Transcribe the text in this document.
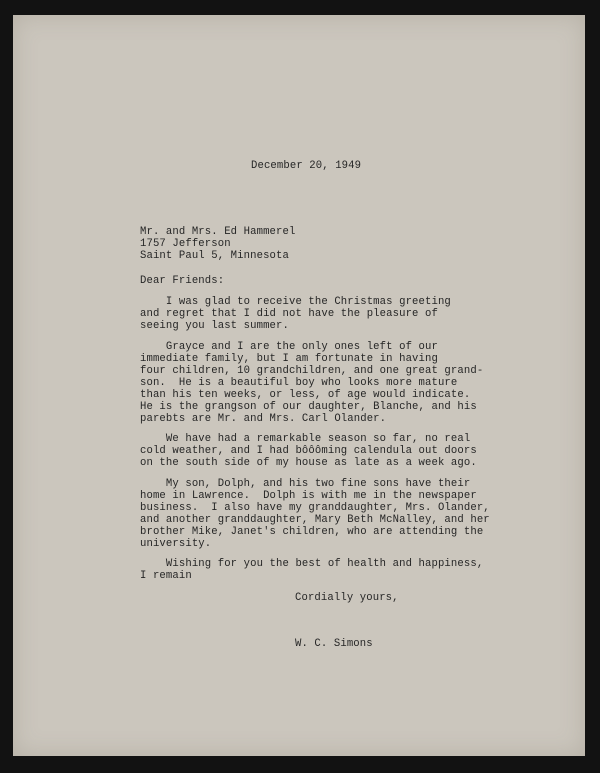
December 20, 1949
Mr. and Mrs. Ed Hammerel
1757 Jefferson
Saint Paul 5, Minnesota
Dear Friends:
I was glad to receive the Christmas greeting
and regret that I did not have the pleasure of
seeing you last summer.
Grayce and I are the only ones left of our
immediate family, but I am fortunate in having
four children, 10 grandchildren, and one great grand-
son.  He is a beautiful boy who looks more mature
than his ten weeks, or less, of age would indicate.
He is the grangson of our daughter, Blanche, and his
parebts are Mr. and Mrs. Carl Olander.
We have had a remarkable season so far, no real
cold weather, and I had bôôôming calendula out doors
on the south side of my house as late as a week ago.
My son, Dolph, and his two fine sons have their
home in Lawrence.  Dolph is with me in the newspaper
business.  I also have my granddaughter, Mrs. Olander,
and another granddaughter, Mary Beth McNalley, and her
brother Mike, Janet's children, who are attending the
university.
Wishing for you the best of health and happiness,
I remain
Cordially yours,
W. C. Simons
